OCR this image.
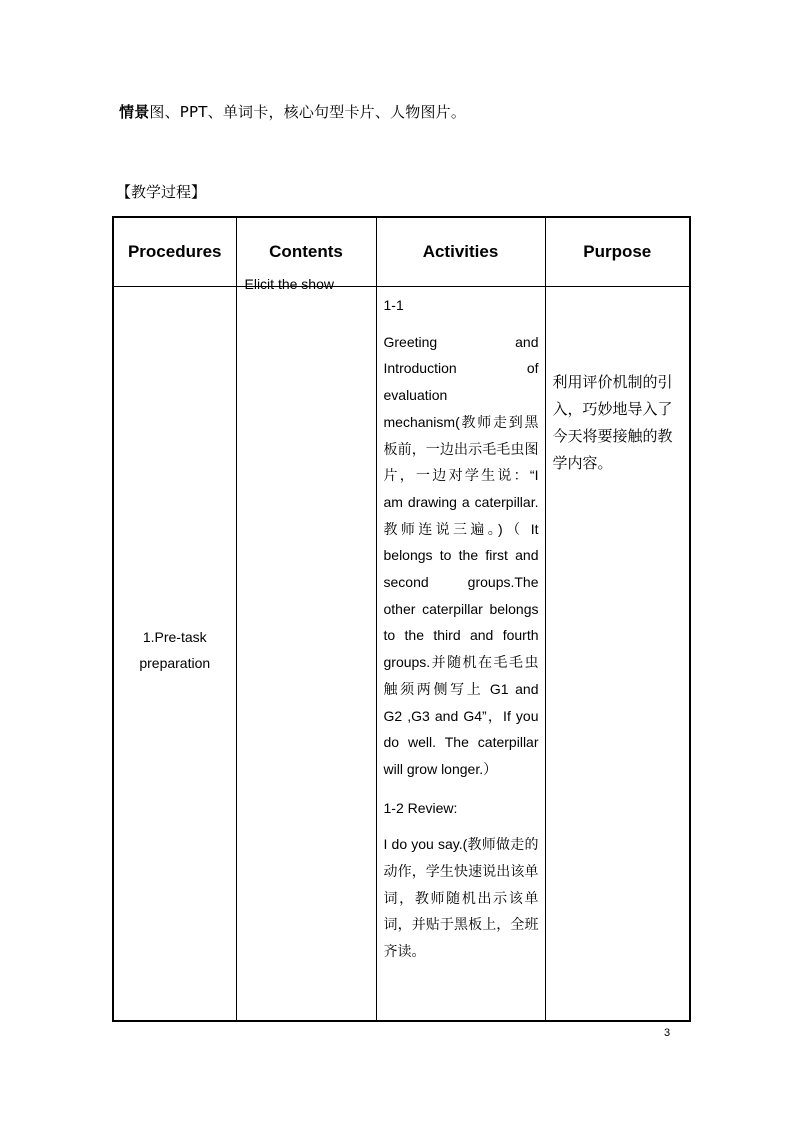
情景图、PPT、单词卡，核心句型卡片、人物图片。
【教学过程】
Procedures	Contents	Activities	Purpose

1.Pre-task preparation	Elicit the show	1-1

Greeting and Introduction of evaluation mechanism(教师走到黑板前，一边出示毛毛虫图片，一边对学生说：“I am drawing a caterpillar.教师连说三遍。)（ It belongs to the first and second groups.The other caterpillar belongs to the third and fourth groups.并随机在毛毛虫触须两侧写上 G1 and G2 ,G3 and G4”，If you do well. The caterpillar will grow longer.）

1-2 Review:

I do you say.(教师做走的动作，学生快速说出该单词，教师随机出示该单词，并贴于黑板上，全班齐读。	利用评价机制的引入，巧妙地导入了今天将要接触的教学内容。
3
